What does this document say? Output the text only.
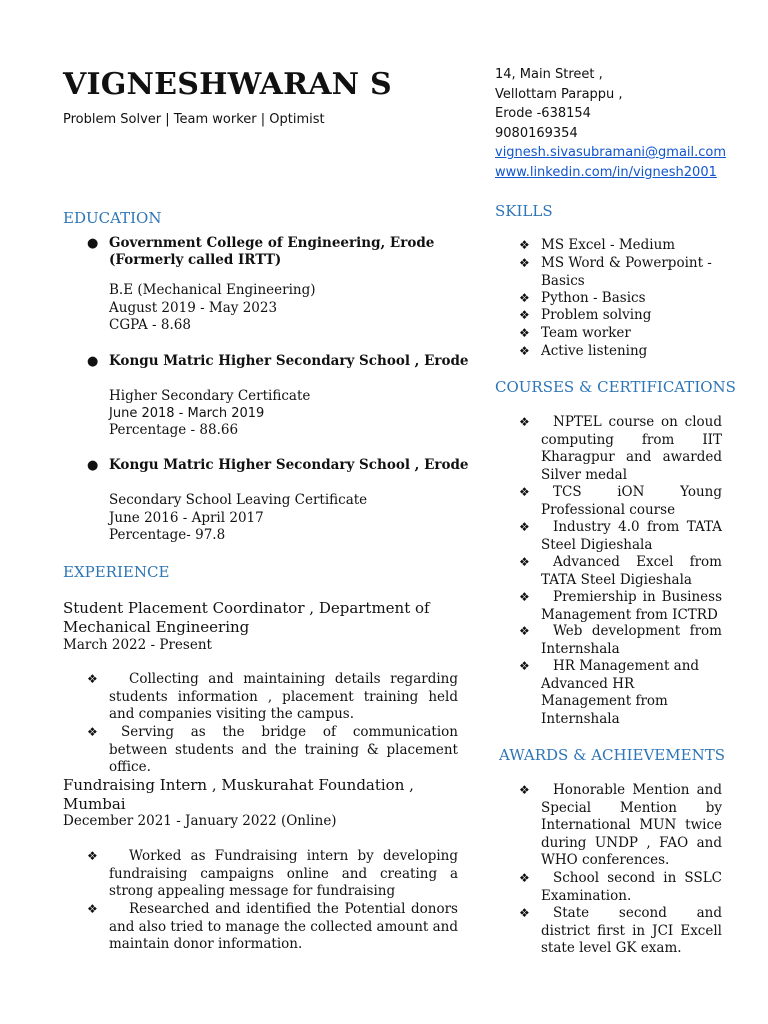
VIGNESHWARAN S
Problem Solver | Team worker | Optimist
14, Main Street ,
Vellottam Parappu ,
Erode -638154
9080169354
vignesh.sivasubramani@gmail.com
www.linkedin.com/in/vignesh2001
EDUCATION
● Government College of Engineering, Erode
(Formerly called IRTT)
B.E (Mechanical Engineering)
August 2019 - May 2023
CGPA - 8.68
● Kongu Matric Higher Secondary School , Erode
Higher Secondary Certificate
June 2018 - March 2019
Percentage - 88.66
● Kongu Matric Higher Secondary School , Erode
Secondary School Leaving Certificate
June 2016 - April 2017
Percentage- 97.8
EXPERIENCE
Student Placement Coordinator , Department of
Mechanical Engineering
March 2022 - Present
❖	Collecting and maintaining details regarding students information , placement training held and companies visiting the campus.
❖	Serving as the bridge of communication between students and the training & placement office.
Fundraising Intern , Muskurahat Foundation ,
Mumbai
December 2021 - January 2022 (Online)
❖	Worked as Fundraising intern by developing fundraising campaigns online and creating a strong appealing message for fundraising
❖	Researched and identified the Potential donors and also tried to manage the collected amount and maintain donor information.
SKILLS
❖ MS Excel - Medium
❖ MS Word & Powerpoint - Basics
❖ Python - Basics
❖ Problem solving
❖ Team worker
❖ Active listening
COURSES & CERTIFICATIONS
❖	NPTEL course on cloud computing from IIT Kharagpur and awarded Silver medal
❖	TCS iON Young Professional course
❖	Industry 4.0 from TATA Steel Digieshala
❖	Advanced Excel from TATA Steel Digieshala
❖	Premiership in Business Management from ICTRD
❖	Web development from Internshala
❖	HR Management and Advanced HR Management from Internshala
AWARDS & ACHIEVEMENTS
❖	Honorable Mention and Special Mention by International MUN twice during UNDP , FAO and WHO conferences.
❖	School second in SSLC Examination.
❖	State second and district first in JCI Excell state level GK exam.
